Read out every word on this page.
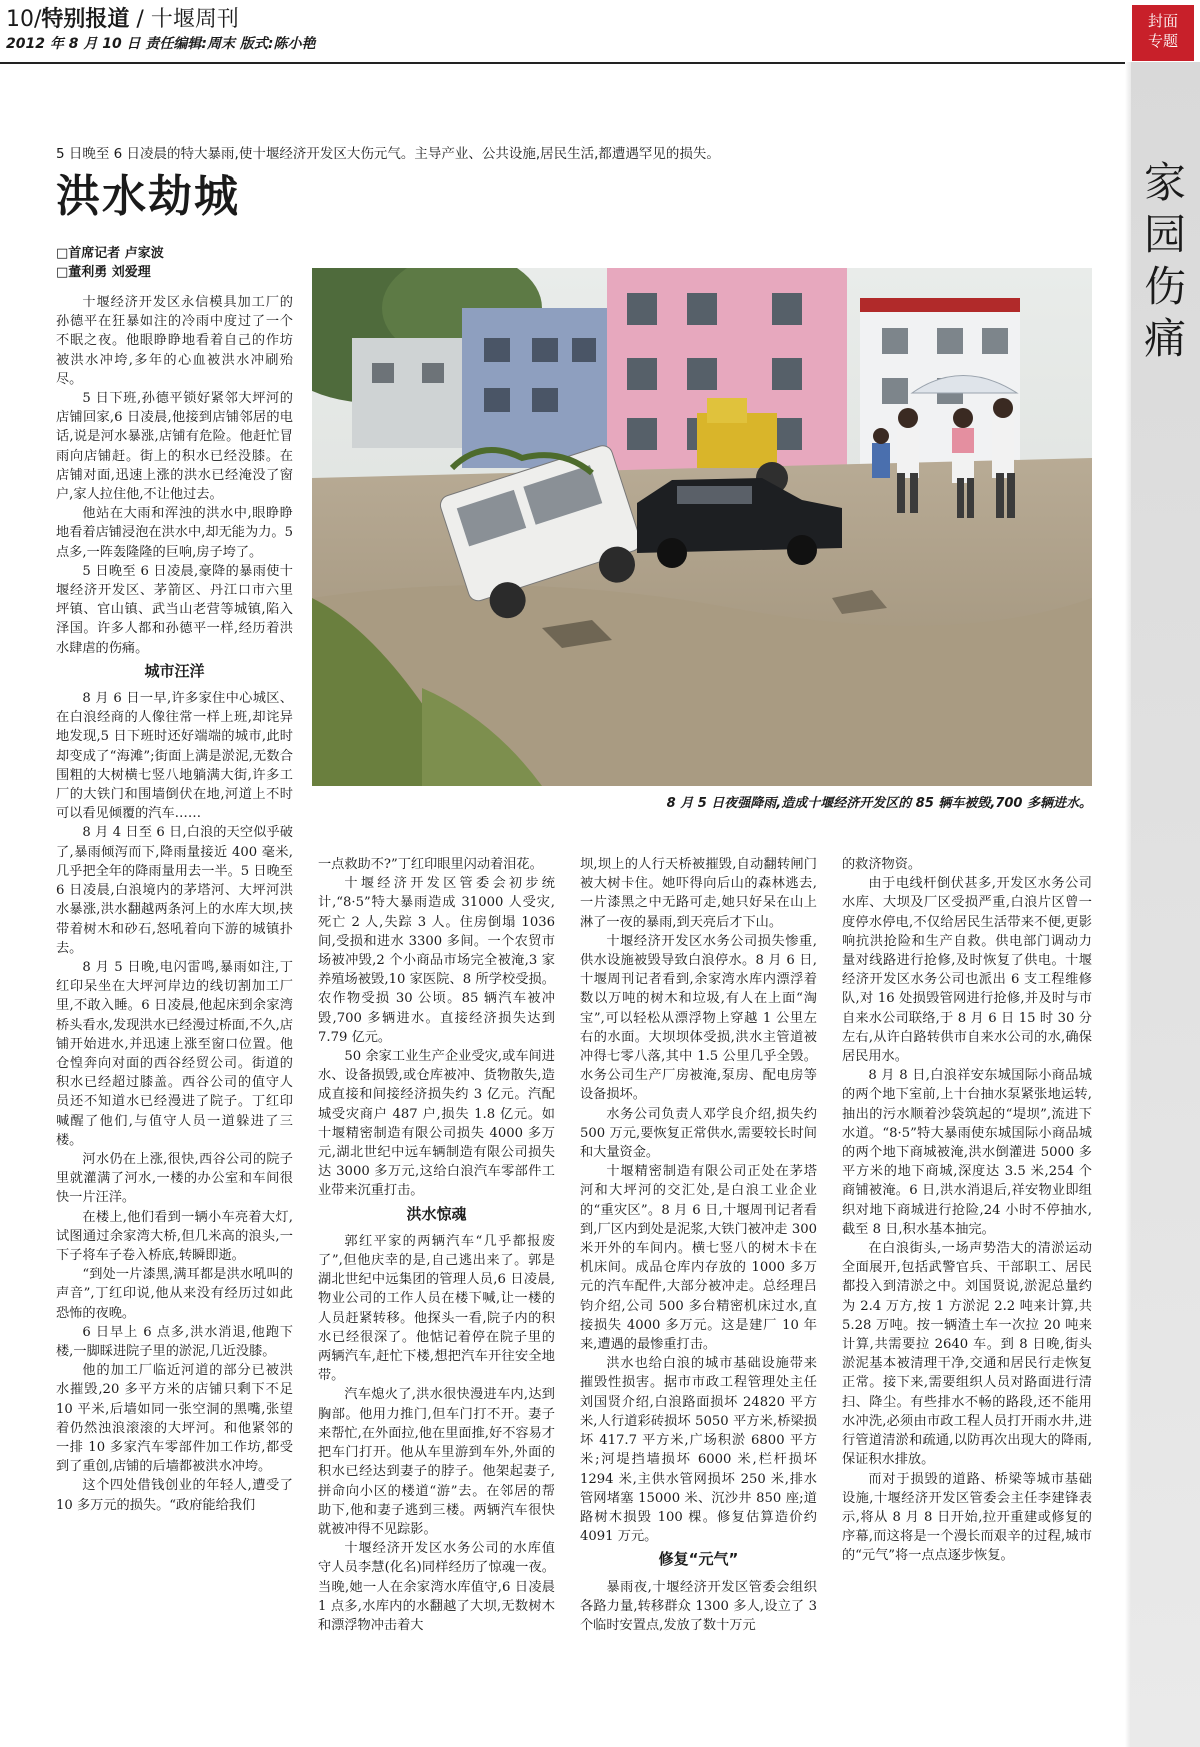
10/特别报道 / 十堰周刊
2012 年 8 月 10 日 责任编辑:周末 版式:陈小艳
封面
专题
家园伤痛
5 日晚至 6 日凌晨的特大暴雨,使十堰经济开发区大伤元气。主导产业、公共设施,居民生活,都遭遇罕见的损失。
洪水劫城
□首席记者 卢家波
□董利勇 刘爱理
8 月 5 日夜强降雨,造成十堰经济开发区的 85 辆车被毁,700 多辆进水。

十堰经济开发区永信模具加工厂的孙德平在狂暴如注的冷雨中度过了一个不眠之夜。他眼睁睁地看着自己的作坊被洪水冲垮,多年的心血被洪水冲刷殆尽。

5 日下班,孙德平锁好紧邻大坪河的店铺回家,6 日凌晨,他接到店铺邻居的电话,说是河水暴涨,店铺有危险。他赶忙冒雨向店铺赶。街上的积水已经没膝。在店铺对面,迅速上涨的洪水已经淹没了窗户,家人拉住他,不让他过去。

他站在大雨和浑浊的洪水中,眼睁睁地看着店铺浸泡在洪水中,却无能为力。5 点多,一阵轰隆隆的巨响,房子垮了。

5 日晚至 6 日凌晨,豪降的暴雨使十堰经济开发区、茅箭区、丹江口市六里坪镇、官山镇、武当山老营等城镇,陷入泽国。许多人都和孙德平一样,经历着洪水肆虐的伤痛。

城市汪洋

8 月 6 日一早,许多家住中心城区、在白浪经商的人像往常一样上班,却诧异地发现,5 日下班时还好端端的城市,此时却变成了“海滩”;街面上满是淤泥,无数合围粗的大树横七竖八地躺满大街,许多工厂的大铁门和围墙倒伏在地,河道上不时可以看见倾覆的汽车……

8 月 4 日至 6 日,白浪的天空似乎破了,暴雨倾泻而下,降雨量接近 400 毫米,几乎把全年的降雨量用去一半。5 日晚至 6 日凌晨,白浪境内的茅塔河、大坪河洪水暴涨,洪水翻越两条河上的水库大坝,挟带着树木和砂石,怒吼着向下游的城镇扑去。

8 月 5 日晚,电闪雷鸣,暴雨如注,丁红印呆坐在大坪河岸边的线切割加工厂里,不敢入睡。6 日凌晨,他起床到余家湾桥头看水,发现洪水已经漫过桥面,不久,店铺开始进水,并迅速上涨至窗口位置。他仓惶奔向对面的西谷经贸公司。街道的积水已经超过膝盖。西谷公司的值守人员还不知道水已经漫进了院子。丁红印喊醒了他们,与值守人员一道躲进了三楼。

河水仍在上涨,很快,西谷公司的院子里就灌满了河水,一楼的办公室和车间很快一片汪洋。

在楼上,他们看到一辆小车亮着大灯,试图通过余家湾大桥,但几米高的浪头,一下子将车子卷入桥底,转瞬即逝。

“到处一片漆黑,满耳都是洪水吼叫的声音”,丁红印说,他从来没有经历过如此恐怖的夜晚。

6 日早上 6 点多,洪水消退,他跑下楼,一脚睬进院子里的淤泥,几近没膝。

他的加工厂临近河道的部分已被洪水摧毁,20 多平方米的店铺只剩下不足 10 平米,后墙如同一张空洞的黑嘴,张望着仍然浊浪滚滚的大坪河。和他紧邻的一排 10 多家汽车零部件加工作坊,都受到了重创,店铺的后墙都被洪水冲垮。

这个四处借钱创业的年轻人,遭受了 10 多万元的损失。“政府能给我们

一点救助不?”丁红印眼里闪动着泪花。

十堰经济开发区管委会初步统计,“8·5”特大暴雨造成 31000 人受灾,死亡 2 人,失踪 3 人。住房倒塌 1036 间,受损和进水 3300 多间。一个农贸市场被冲毁,2 个小商品市场完全被淹,3 家养殖场被毁,10 家医院、8 所学校受损。农作物受损 30 公顷。85 辆汽车被冲毁,700 多辆进水。直接经济损失达到 7.79 亿元。

50 余家工业生产企业受灾,或车间进水、设备损毁,或仓库被冲、货物散失,造成直接和间接经济损失约 3 亿元。汽配城受灾商户 487 户,损失 1.8 亿元。如十堰精密制造有限公司损失 4000 多万元,湖北世纪中远车辆制造有限公司损失达 3000 多万元,这给白浪汽车零部件工业带来沉重打击。

洪水惊魂

郭红平家的两辆汽车“几乎都报废了”,但他庆幸的是,自己逃出来了。郭是湖北世纪中远集团的管理人员,6 日凌晨,物业公司的工作人员在楼下喊,让一楼的人员赶紧转移。他探头一看,院子内的积水已经很深了。他惦记着停在院子里的两辆汽车,赶忙下楼,想把汽车开往安全地带。

汽车熄火了,洪水很快漫进车内,达到胸部。他用力推门,但车门打不开。妻子来帮忙,在外面拉,他在里面推,好不容易才把车门打开。他从车里游到车外,外面的积水已经达到妻子的脖子。他架起妻子,拼命向小区的楼道“游”去。在邻居的帮助下,他和妻子逃到三楼。两辆汽车很快就被冲得不见踪影。

十堰经济开发区水务公司的水库值守人员李慧(化名)同样经历了惊魂一夜。当晚,她一人在余家湾水库值守,6 日凌晨 1 点多,水库内的水翻越了大坝,无数树木和漂浮物冲击着大

坝,坝上的人行天桥被摧毁,自动翻转闸门被大树卡住。她吓得向后山的森林逃去,一片漆黑之中无路可走,她只好呆在山上淋了一夜的暴雨,到天亮后才下山。

十堰经济开发区水务公司损失惨重,供水设施被毁导致白浪停水。8 月 6 日,十堰周刊记者看到,余家湾水库内漂浮着数以万吨的树木和垃圾,有人在上面“淘宝”,可以轻松从漂浮物上穿越 1 公里左右的水面。大坝坝体受损,洪水主管道被冲得七零八落,其中 1.5 公里几乎全毁。水务公司生产厂房被淹,泵房、配电房等设备损坏。

水务公司负责人邓学良介绍,损失约 500 万元,要恢复正常供水,需要较长时间和大量资金。

十堰精密制造有限公司正处在茅塔河和大坪河的交汇处,是白浪工业企业的“重灾区”。8 月 6 日,十堰周刊记者看到,厂区内到处是泥浆,大铁门被冲走 300 米开外的车间内。横七竖八的树木卡在机床间。成品仓库内存放的 1000 多万元的汽车配件,大部分被冲走。总经理吕钧介绍,公司 500 多台精密机床过水,直接损失 4000 多万元。这是建厂 10 年来,遭遇的最惨重打击。

洪水也给白浪的城市基础设施带来摧毁性损害。据市市政工程管理处主任刘国贤介绍,白浪路面损坏 24820 平方米,人行道彩砖损坏 5050 平方米,桥梁损坏 417.7 平方米,广场积淤 6800 平方米;河堤挡墙损坏 6000 米,栏杆损坏 1294 米,主供水管网损坏 250 米,排水管网堵塞 15000 米、沉沙井 850 座;道路树木损毁 100 棵。修复估算造价约 4091 万元。

修复“元气”

暴雨夜,十堰经济开发区管委会组织各路力量,转移群众 1300 多人,设立了 3 个临时安置点,发放了数十万元

的救济物资。

由于电线杆倒伏甚多,开发区水务公司水库、大坝及厂区受损严重,白浪片区曾一度停水停电,不仅给居民生活带来不便,更影响抗洪抢险和生产自救。供电部门调动力量对线路进行抢修,及时恢复了供电。十堰经济开发区水务公司也派出 6 支工程维修队,对 16 处损毁管网进行抢修,并及时与市自来水公司联络,于 8 月 6 日 15 时 30 分左右,从许白路转供市自来水公司的水,确保居民用水。

8 月 8 日,白浪祥安东城国际小商品城的两个地下室前,上十台抽水泵紧张地运转,抽出的污水顺着沙袋筑起的“堤坝”,流进下水道。“8·5”特大暴雨使东城国际小商品城的两个地下商城被淹,洪水倒灌进 5000 多平方米的地下商城,深度达 3.5 米,254 个商铺被淹。6 日,洪水消退后,祥安物业即组织对地下商城进行抢险,24 小时不停抽水,截至 8 日,积水基本抽完。

在白浪街头,一场声势浩大的清淤运动全面展开,包括武警官兵、干部职工、居民都投入到清淤之中。刘国贤说,淤泥总量约为 2.4 万方,按 1 方淤泥 2.2 吨来计算,共 5.28 万吨。按一辆渣土车一次拉 20 吨来计算,共需要拉 2640 车。到 8 日晚,街头淤泥基本被清理干净,交通和居民行走恢复正常。接下来,需要组织人员对路面进行清扫、降尘。有些排水不畅的路段,还不能用水冲洗,必须由市政工程人员打开雨水井,进行管道清淤和疏通,以防再次出现大的降雨,保证积水排放。

而对于损毁的道路、桥梁等城市基础设施,十堰经济开发区管委会主任李建锋表示,将从 8 月 8 日开始,拉开重建或修复的序幕,而这将是一个漫长而艰辛的过程,城市的“元气”将一点点逐步恢复。
